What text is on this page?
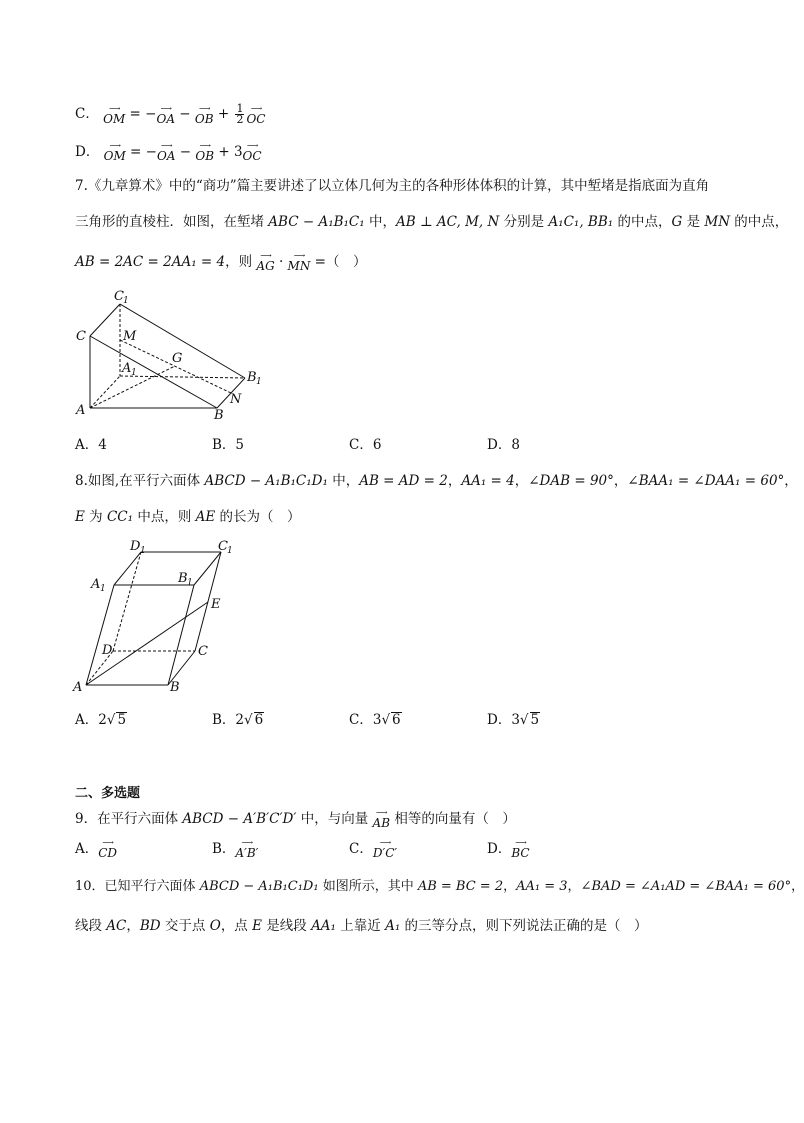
C．	⟶
OM = − ⟶
OA − ⟶
OB + $\frac{1}{2}$ ⟶
OC
D．	⟶
OM = − ⟶
OA − ⟶
OB + 3 ⟶
OC
7.《九章算术》中的“商功”篇主要讲述了以立体几何为主的各种形体体积的计算，其中堑堵是指底面为直角
三角形的直棱柱．如图，在堑堵 ABC − A₁B₁C₁ 中，AB ⊥ AC, M, N 分别是 A₁C₁, BB₁ 的中点，G 是 MN 的中点，
AB = 2AC = 2AA₁ = 4，则 ⟶
AG · ⟶
MN =（　）
C 1
C	M
G
A 1	B 1
A
N
B
A．4	B．5	C．6	D．8
8.如图,在平行六面体 ABCD − A₁B₁C₁D₁ 中，AB = AD = 2，AA₁ = 4，∠DAB = 90°，∠BAA₁ = ∠DAA₁ = 60°，
E 为 CC₁ 中点，则 AE 的长为（　）
D 1	C 1
A 1
B 1
E
D	C
A	B
A．2√ 5	B．2√ 6	C．3√ 6	D．3√ 5
二、多选题
9．在平行六面体 ABCD − A′B′C′D′ 中，与向量 ⟶
AB 相等的向量有（　）
A． ⟶
CD	B． ⟶
A′B′	C． ⟶
D′C′	D． ⟶
BC
10．已知平行六面体 ABCD − A₁B₁C₁D₁ 如图所示，其中 AB = BC = 2，AA₁ = 3，∠BAD = ∠A₁AD = ∠BAA₁ = 60°，
线段 AC，BD 交于点 O，点 E 是线段 AA₁ 上靠近 A₁ 的三等分点，则下列说法正确的是（　）
